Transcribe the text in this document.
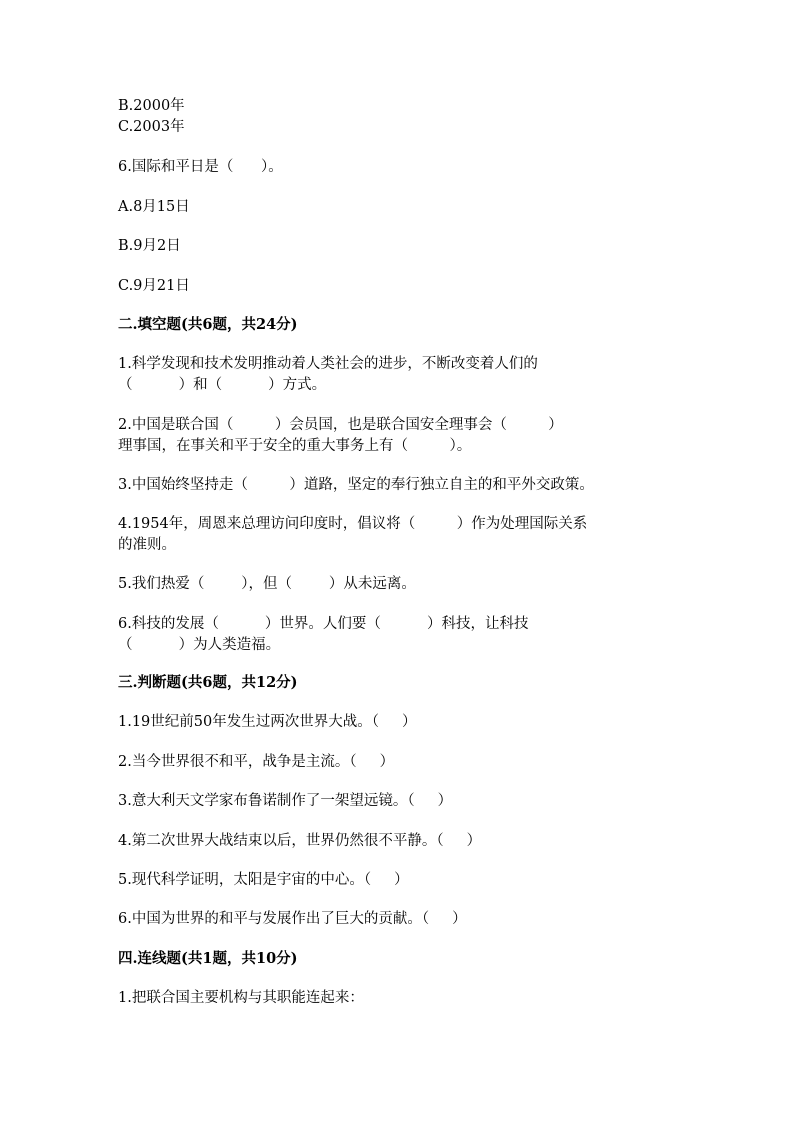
B.2000年
C.2003年
6.国际和平日是（      ）。
A.8月15日
B.9月2日
C.9月21日
二.填空题(共6题，共24分)
1.科学发现和技术发明推动着人类社会的进步，不断改变着人们的
（          ）和（          ）方式。
2.中国是联合国（         ）会员国，也是联合国安全理事会（         ）
理事国，在事关和平于安全的重大事务上有（         ）。
3.中国始终坚持走（         ）道路，坚定的奉行独立自主的和平外交政策。
4.1954年，周恩来总理访问印度时，倡议将（         ）作为处理国际关系
的准则。
5.我们热爱（        ），但（        ）从未远离。
6.科技的发展（          ）世界。人们要（          ）科技，让科技
（          ）为人类造福。
三.判断题(共6题，共12分)
1.19世纪前50年发生过两次世界大战。（     ）
2.当今世界很不和平，战争是主流。（     ）
3.意大利天文学家布鲁诺制作了一架望远镜。（     ）
4.第二次世界大战结束以后，世界仍然很不平静。（     ）
5.现代科学证明，太阳是宇宙的中心。（     ）
6.中国为世界的和平与发展作出了巨大的贡献。（     ）
四.连线题(共1题，共10分)
1.把联合国主要机构与其职能连起来：
